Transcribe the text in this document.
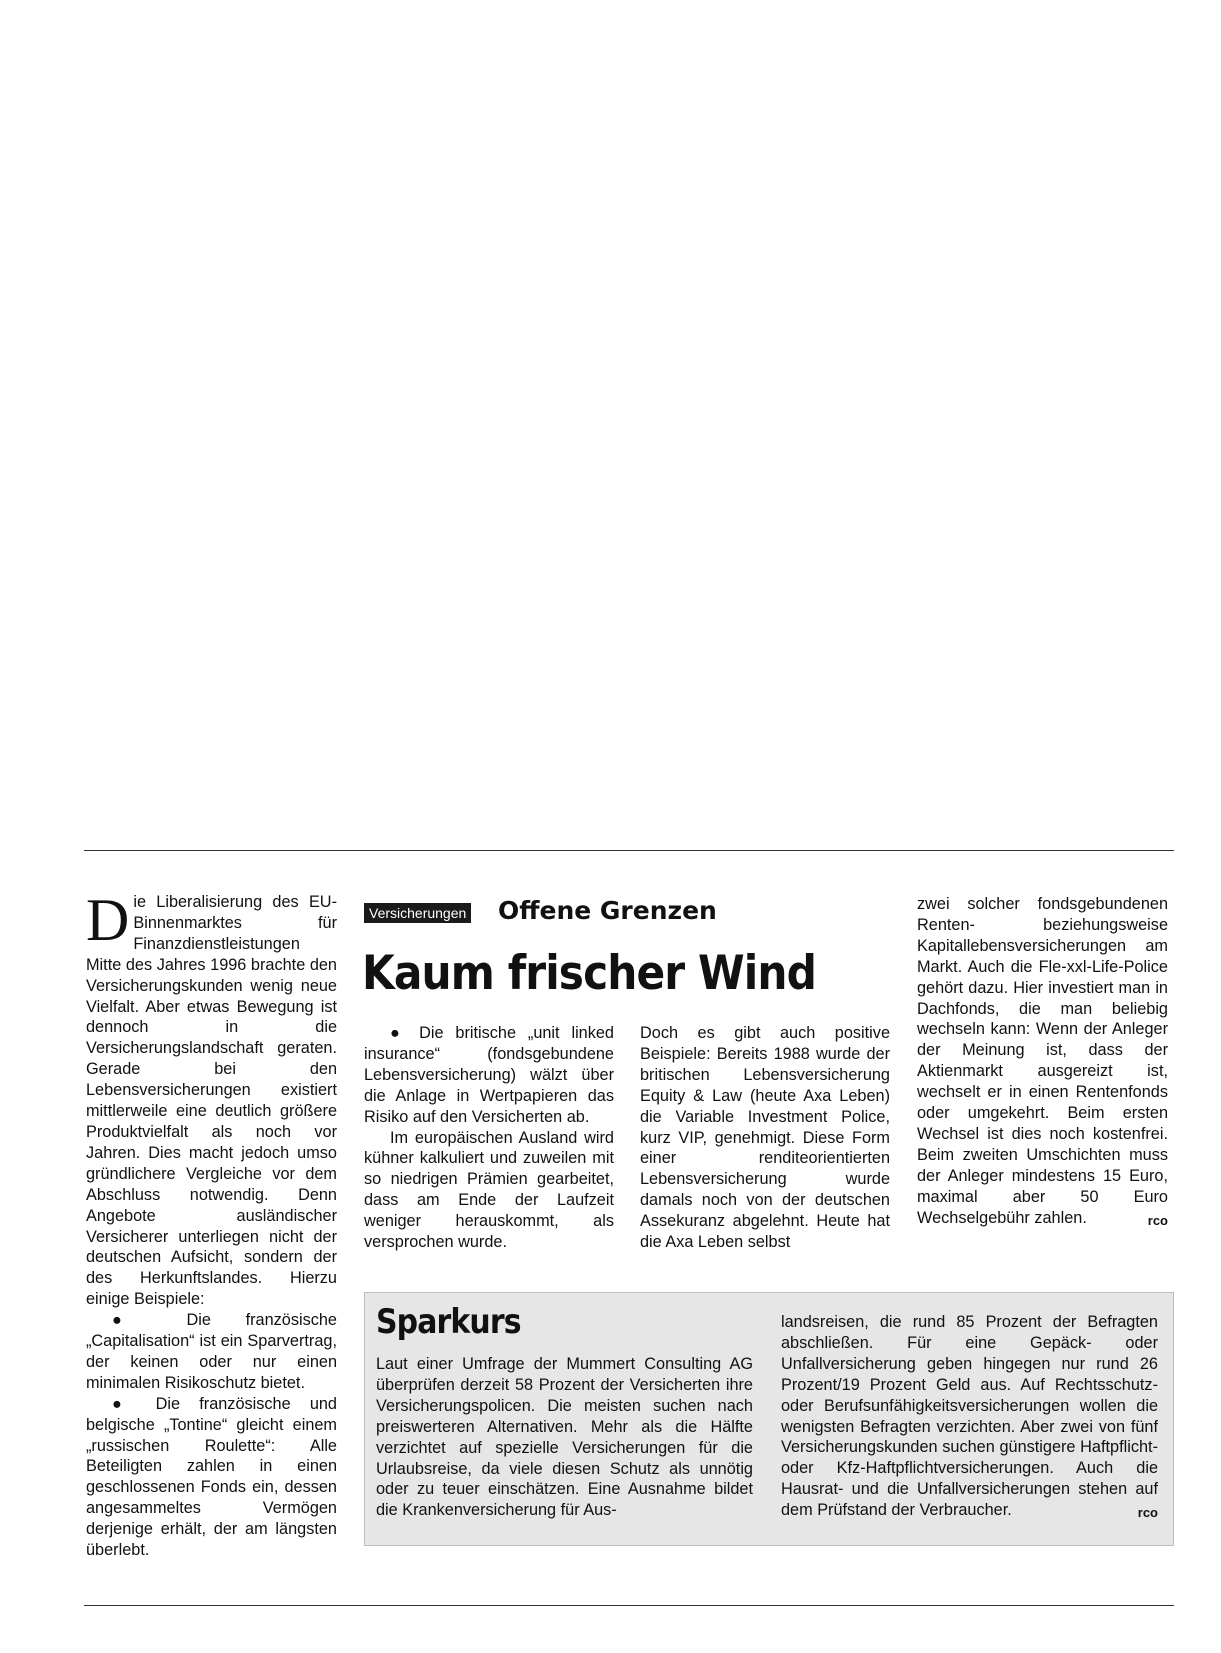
Die Liberalisierung des EU-Binnenmarktes für Finanzdienstleistungen Mitte des Jahres 1996 brachte den Versicherungskunden wenig neue Vielfalt. Aber etwas Bewegung ist dennoch in die Versicherungslandschaft geraten. Gerade bei den Lebensversicherungen existiert mittlerweile eine deutlich größere Produktvielfalt als noch vor Jahren. Dies macht jedoch umso gründlichere Vergleiche vor dem Abschluss notwendig. Denn Angebote ausländischer Versicherer unterliegen nicht der deutschen Aufsicht, sondern der des Herkunftslandes. Hierzu einige Beispiele:

● Die französische „Capitalisation“ ist ein Sparvertrag, der keinen oder nur einen minimalen Risikoschutz bietet.

● Die französische und belgische „Tontine“ gleicht einem „russischen Roulette“: Alle Beteiligten zahlen in einen geschlossenen Fonds ein, dessen angesammeltes Vermögen derjenige erhält, der am längsten überlebt.

Versicherungen Offene Grenzen
Kaum frischer Wind

● Die britische „unit linked insurance“ (fondsgebundene Lebensversicherung) wälzt über die Anlage in Wertpapieren das Risiko auf den Versicherten ab.

Im europäischen Ausland wird kühner kalkuliert und zuweilen mit so niedrigen Prämien gearbeitet, dass am Ende der Laufzeit weniger herauskommt, als versprochen wurde.

Doch es gibt auch positive Beispiele: Bereits 1988 wurde der britischen Lebensversicherung Equity & Law (heute Axa Leben) die Variable Investment Police, kurz VIP, genehmigt. Diese Form einer renditeorientierten Lebensversicherung wurde damals noch von der deutschen Assekuranz abgelehnt. Heute hat die Axa Leben selbst

zwei solcher fondsgebundenen Renten- beziehungsweise Kapitallebensversicherungen am Markt. Auch die Fle-xxl-Life-Police gehört dazu. Hier investiert man in Dachfonds, die man beliebig wechseln kann: Wenn der Anleger der Meinung ist, dass der Aktienmarkt ausgereizt ist, wechselt er in einen Rentenfonds oder umgekehrt. Beim ersten Wechsel ist dies noch kostenfrei. Beim zweiten Umschichten muss der Anleger mindestens 15 Euro, maximal aber 50 Euro Wechselgebühr zahlen.	rco

Sparkurs

Laut einer Umfrage der Mummert Consulting AG überprüfen derzeit 58 Prozent der Versicherten ihre Versicherungspolicen. Die meisten suchen nach preiswerteren Alternativen. Mehr als die Hälfte verzichtet auf spezielle Versicherungen für die Urlaubsreise, da viele diesen Schutz als unnötig oder zu teuer einschätzen. Eine Ausnahme bildet die Krankenversicherung für Aus-

landsreisen, die rund 85 Prozent der Befragten abschließen. Für eine Gepäck- oder Unfallversicherung geben hingegen nur rund 26 Prozent/19 Prozent Geld aus. Auf Rechtsschutz- oder Berufsunfähigkeitsversicherungen wollen die wenigsten Befragten verzichten. Aber zwei von fünf Versicherungskunden suchen günstigere Haftpflicht- oder Kfz-Haftpflichtversicherungen. Auch die Hausrat- und die Unfallversicherungen stehen auf dem Prüfstand der Verbraucher.	rco
